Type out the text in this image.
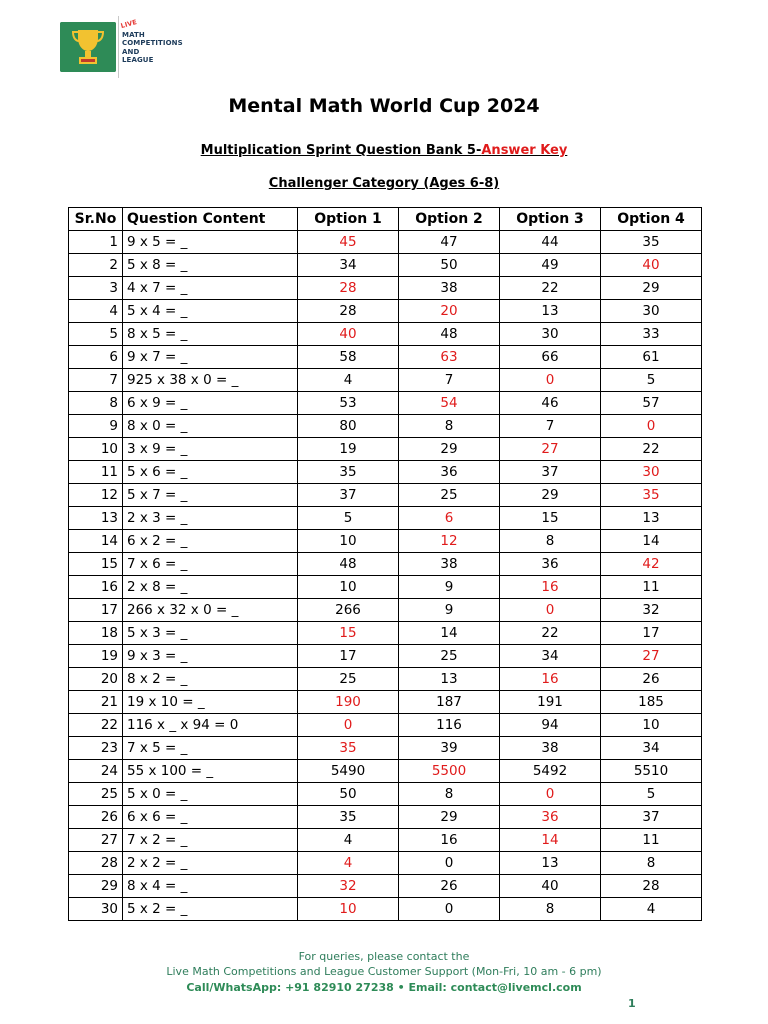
LIVE
MATH
COMPETITIONS
AND
LEAGUE
Mental Math World Cup 2024
Multiplication Sprint Question Bank 5-Answer Key
Challenger Category (Ages 6-8)
Sr.No	Question Content	Option 1	Option 2	Option 3	Option 4
1	9 x 5 = _	45	47	44	35
2	5 x 8 = _	34	50	49	40
3	4 x 7 = _	28	38	22	29
4	5 x 4 = _	28	20	13	30
5	8 x 5 = _	40	48	30	33
6	9 x 7 = _	58	63	66	61
7	925 x 38 x 0 = _	4	7	0	5
8	6 x 9 = _	53	54	46	57
9	8 x 0 = _	80	8	7	0
10	3 x 9 = _	19	29	27	22
11	5 x 6 = _	35	36	37	30
12	5 x 7 = _	37	25	29	35
13	2 x 3 = _	5	6	15	13
14	6 x 2 = _	10	12	8	14
15	7 x 6 = _	48	38	36	42
16	2 x 8 = _	10	9	16	11
17	266 x 32 x 0 = _	266	9	0	32
18	5 x 3 = _	15	14	22	17
19	9 x 3 = _	17	25	34	27
20	8 x 2 = _	25	13	16	26
21	19 x 10 = _	190	187	191	185
22	116 x _ x 94 = 0	0	116	94	10
23	7 x 5 = _	35	39	38	34
24	55 x 100 = _	5490	5500	5492	5510
25	5 x 0 = _	50	8	0	5
26	6 x 6 = _	35	29	36	37
27	7 x 2 = _	4	16	14	11
28	2 x 2 = _	4	0	13	8
29	8 x 4 = _	32	26	40	28
30	5 x 2 = _	10	0	8	4
For queries, please contact the
Live Math Competitions and League Customer Support (Mon-Fri, 10 am - 6 pm)
Call/WhatsApp: +91 82910 27238 • Email: contact@livemcl.com
1
